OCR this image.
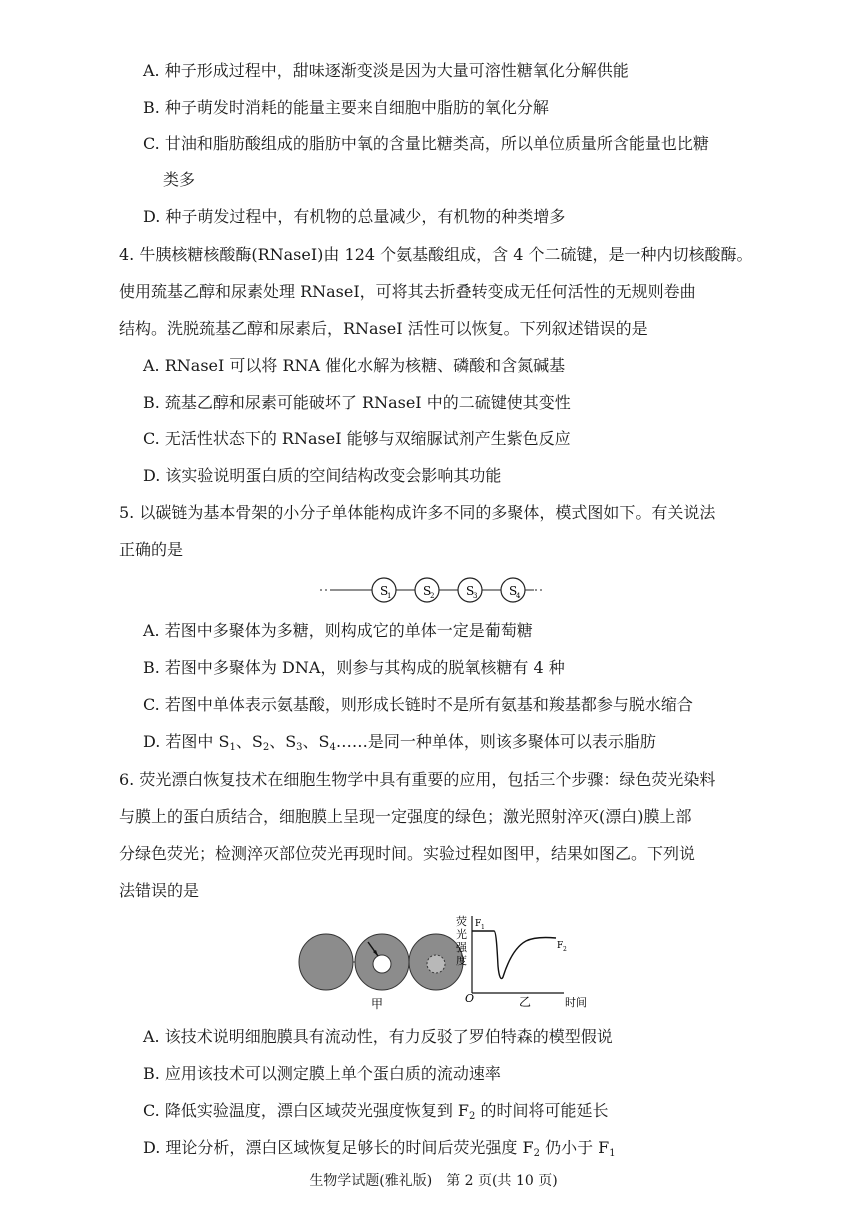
A. 种子形成过程中，甜味逐渐变淡是因为大量可溶性糖氧化分解供能
B. 种子萌发时消耗的能量主要来自细胞中脂肪的氧化分解
C. 甘油和脂肪酸组成的脂肪中氧的含量比糖类高，所以单位质量所含能量也比糖
类多
D. 种子萌发过程中，有机物的总量减少，有机物的种类增多
4. 牛胰核糖核酸酶(RNaseI)由 124 个氨基酸组成，含 4 个二硫键，是一种内切核酸酶。
使用巯基乙醇和尿素处理 RNaseI，可将其去折叠转变成无任何活性的无规则卷曲
结构。洗脱巯基乙醇和尿素后，RNaseI 活性可以恢复。下列叙述错误的是
A. RNaseI 可以将 RNA 催化水解为核糖、磷酸和含氮碱基
B. 巯基乙醇和尿素可能破坏了 RNaseI 中的二硫键使其变性
C. 无活性状态下的 RNaseI 能够与双缩脲试剂产生紫色反应
D. 该实验说明蛋白质的空间结构改变会影响其功能
5. 以碳链为基本骨架的小分子单体能构成许多不同的多聚体，模式图如下。有关说法
正确的是
S
1	S
2	S
3	S
4
A. 若图中多聚体为多糖，则构成它的单体一定是葡萄糖
B. 若图中多聚体为 DNA，则参与其构成的脱氧核糖有 4 种
C. 若图中单体表示氨基酸，则形成长链时不是所有氨基和羧基都参与脱水缩合
D. 若图中 $S_1$、$S_2$、$S_3$、$S_4\dots\dots$是同一种单体，则该多聚体可以表示脂肪
6. 荧光漂白恢复技术在细胞生物学中具有重要的应用，包括三个步骤：绿色荧光染料
与膜上的蛋白质结合，细胞膜上呈现一定强度的绿色；激光照射淬灭(漂白)膜上部
分绿色荧光；检测淬灭部位荧光再现时间。实验过程如图甲，结果如图乙。下列说
法错误的是
甲
荧
光
强
度
F 1
F 2
O	乙	时间
A. 该技术说明细胞膜具有流动性，有力反驳了罗伯特森的模型假说
B. 应用该技术可以测定膜上单个蛋白质的流动速率
C. 降低实验温度，漂白区域荧光强度恢复到 $F_2$ 的时间将可能延长
D. 理论分析，漂白区域恢复足够长的时间后荧光强度 $F_2$ 仍小于 $F_1$
生物学试题(雅礼版)　第 2 页(共 10 页)
